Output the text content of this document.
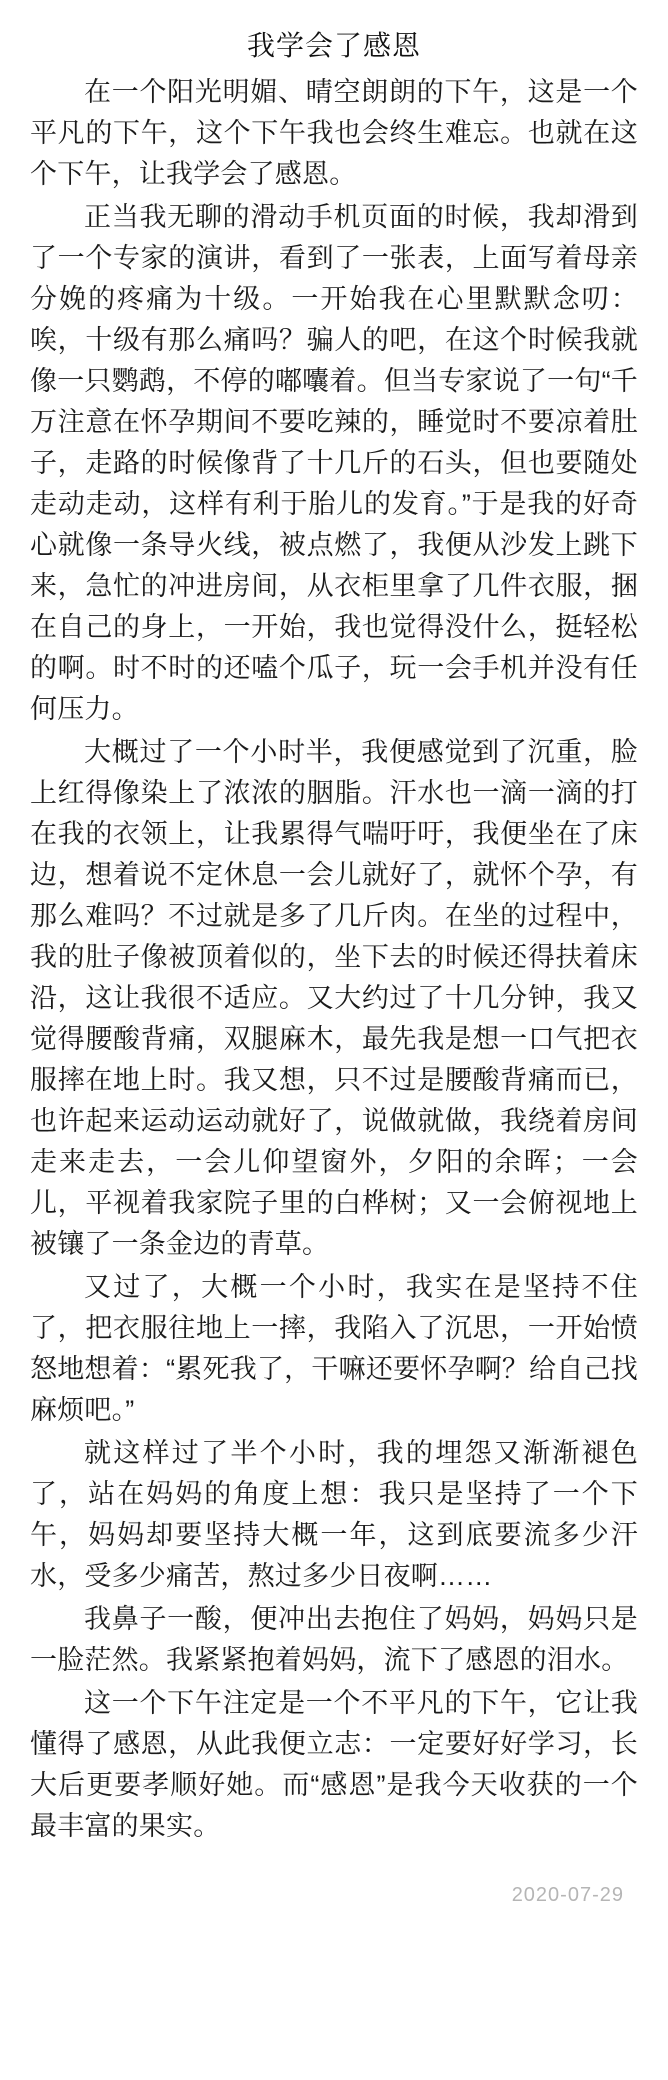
我学会了感恩

在一个阳光明媚、晴空朗朗的下午，这是一个平凡的下午，这个下午我也会终生难忘。也就在这个下午，让我学会了感恩。

正当我无聊的滑动手机页面的时候，我却滑到了一个专家的演讲，看到了一张表，上面写着母亲分娩的疼痛为十级。一开始我在心里默默念叨：唉，十级有那么痛吗？骗人的吧，在这个时候我就像一只鹦鹉，不停的嘟囔着。但当专家说了一句“千万注意在怀孕期间不要吃辣的，睡觉时不要凉着肚子，走路的时候像背了十几斤的石头，但也要随处走动走动，这样有利于胎儿的发育。”于是我的好奇心就像一条导火线，被点燃了，我便从沙发上跳下来，急忙的冲进房间，从衣柜里拿了几件衣服，捆在自己的身上，一开始，我也觉得没什么，挺轻松的啊。时不时的还嗑个瓜子，玩一会手机并没有任何压力。

大概过了一个小时半，我便感觉到了沉重，脸上红得像染上了浓浓的胭脂。汗水也一滴一滴的打在我的衣领上，让我累得气喘吁吁，我便坐在了床边，想着说不定休息一会儿就好了，就怀个孕，有那么难吗？不过就是多了几斤肉。在坐的过程中，我的肚子像被顶着似的，坐下去的时候还得扶着床沿，这让我很不适应。又大约过了十几分钟，我又觉得腰酸背痛，双腿麻木，最先我是想一口气把衣服摔在地上时。我又想，只不过是腰酸背痛而已，也许起来运动运动就好了，说做就做，我绕着房间走来走去，一会儿仰望窗外，夕阳的余晖；一会儿，平视着我家院子里的白桦树；又一会俯视地上被镶了一条金边的青草。

又过了，大概一个小时，我实在是坚持不住了，把衣服往地上一摔，我陷入了沉思，一开始愤怒地想着：“累死我了，干嘛还要怀孕啊？给自己找麻烦吧。”

就这样过了半个小时，我的埋怨又渐渐褪色了，站在妈妈的角度上想：我只是坚持了一个下午，妈妈却要坚持大概一年，这到底要流多少汗水，受多少痛苦，熬过多少日夜啊……

我鼻子一酸，便冲出去抱住了妈妈，妈妈只是一脸茫然。我紧紧抱着妈妈，流下了感恩的泪水。

这一个下午注定是一个不平凡的下午，它让我懂得了感恩，从此我便立志：一定要好好学习，长大后更要孝顺好她。而“感恩”是我今天收获的一个最丰富的果实。

2020-07-29
